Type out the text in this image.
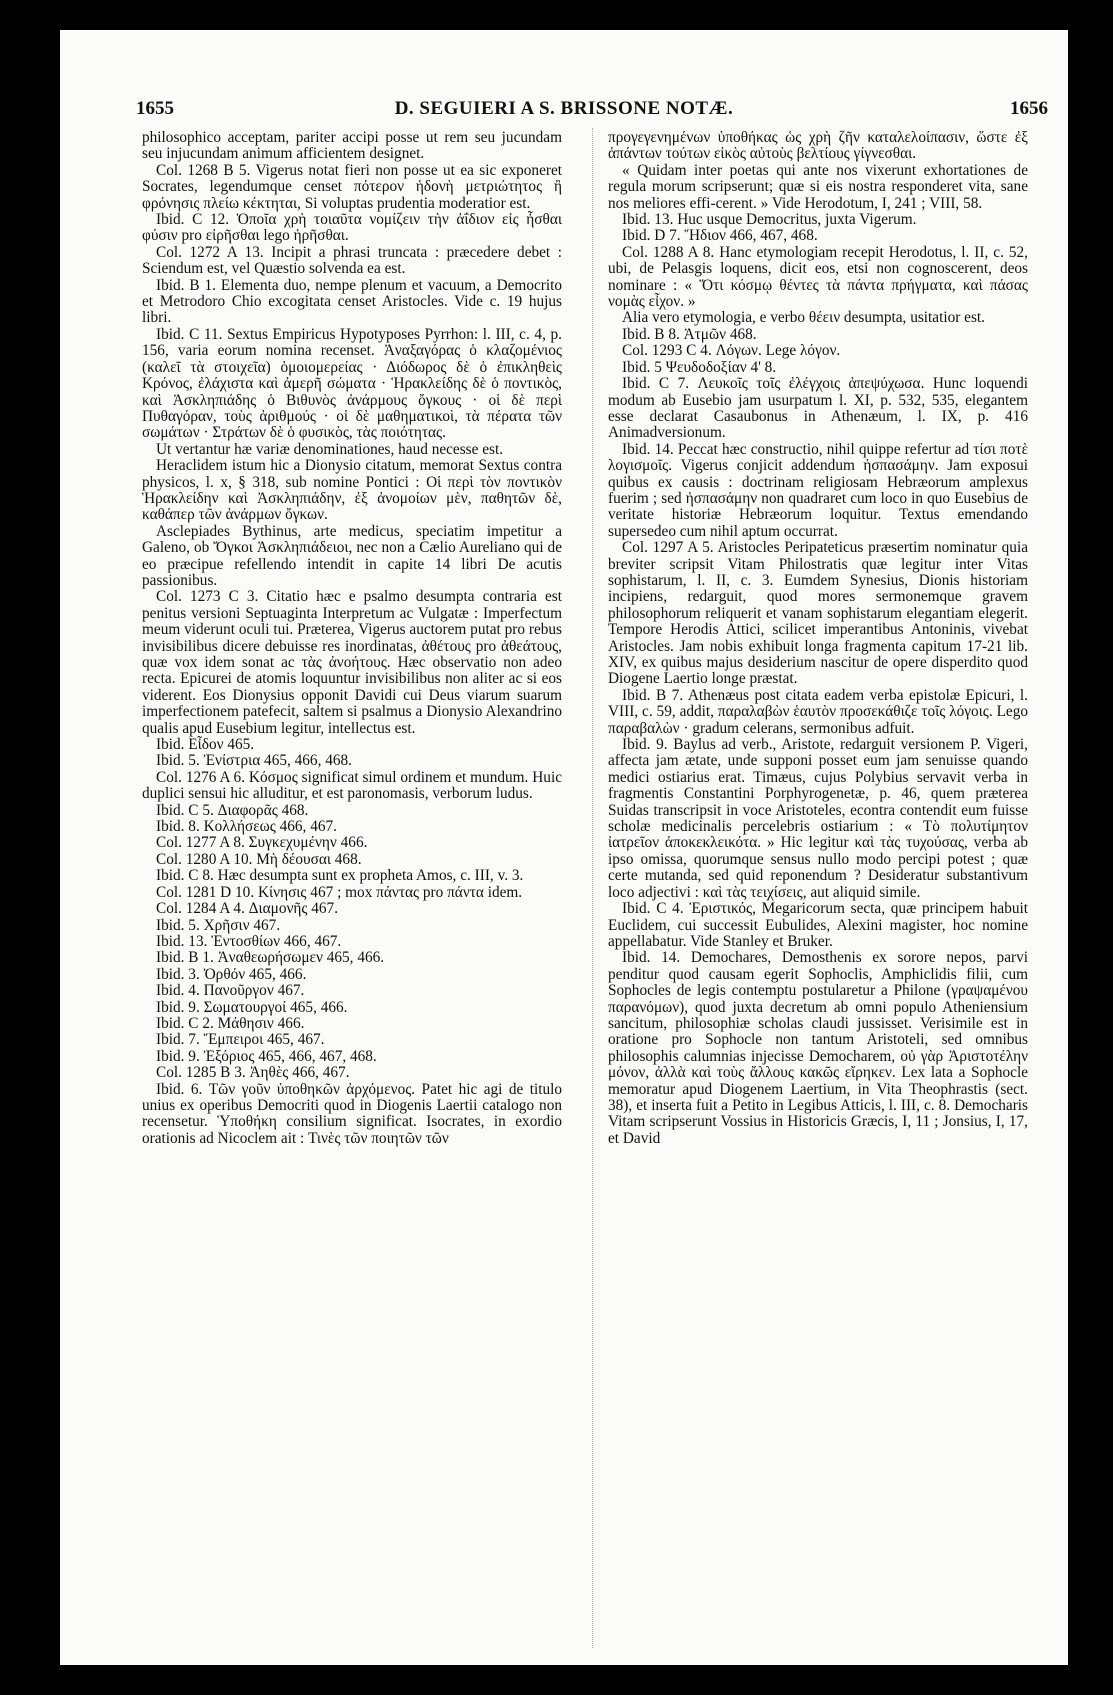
1655	D. SEGUIERI A S. BRISSONE NOTÆ.	1656

philosophico acceptam, pariter accipi posse ut rem seu jucundam seu injucundam animum afficientem designet.

Col. 1268 B 5. Vigerus notat fieri non posse ut ea sic exponeret Socrates, legendumque censet πότερον ἡδονὴ μετριώτητος ἢ φρόνησις πλείω κέκτηται, Si voluptas prudentia moderatior est.

Ibid. C 12. Ὁποῖα χρὴ τοιαῦτα νομίζειν τὴν ἀΐδιον εἰς ἦσθαι φύσιν pro εἰρῆσθαι lego ἡρῆσθαι.

Col. 1272 A 13. Incipit a phrasi truncata : præcedere debet : Sciendum est, vel Quæstio solvenda ea est.

Ibid. B 1. Elementa duo, nempe plenum et vacuum, a Democrito et Metrodoro Chio excogitata censet Aristocles. Vide c. 19 hujus libri.

Ibid. C 11. Sextus Empiricus Hypotyposes Pyrrhon: l. III, c. 4, p. 156, varia eorum nomina recenset. Ἀναξαγόρας ὁ κλαζομένιος (καλεῖ τὰ στοιχεῖα) ὁμοιομερείας · Διόδωρος δὲ ὁ ἐπικληθεὶς Κρόνος, ἐλάχιστα καὶ ἀμερῆ σώματα · Ἡρακλείδης δὲ ὁ ποντικὸς, καὶ Ἀσκληπιάδης ὁ Βιθυνὸς ἀνάρμους ὄγκους · οἱ δὲ περὶ Πυθαγόραν, τοὺς ἀριθμούς · οἱ δὲ μαθηματικοὶ, τὰ πέρατα τῶν σωμάτων · Στράτων δὲ ὁ φυσικὸς, τὰς ποιότητας.

Ut vertantur hæ variæ denominationes, haud necesse est.

Heraclidem istum hic a Dionysio citatum, memorat Sextus contra physicos, l. x, § 318, sub nomine Pontici : Οἱ περὶ τὸν ποντικὸν Ἡρακλείδην καὶ Ἀσκληπιάδην, ἐξ ἀνομοίων μὲν, παθητῶν δὲ, καθάπερ τῶν ἀνάρμων ὄγκων.

Asclepiades Bythinus, arte medicus, speciatim impetitur a Galeno, ob Ὄγκοι Ἀσκληπιάδειοι, nec non a Cælio Aureliano qui de eo præcipue refellendo intendit in capite 14 libri De acutis passionibus.

Col. 1273 C 3. Citatio hæc e psalmo desumpta contraria est penitus versioni Septuaginta Interpretum ac Vulgatæ : Imperfectum meum viderunt oculi tui. Præterea, Vigerus auctorem putat pro rebus invisibilibus dicere debuisse res inordinatas, ἀθέτους pro ἀθεάτους, quæ vox idem sonat ac τὰς ἀνοήτους. Hæc observatio non adeo recta. Epicurei de atomis loquuntur invisibilibus non aliter ac si eos viderent. Eos Dionysius opponit Davidi cui Deus viarum suarum imperfectionem patefecit, saltem si psalmus a Dionysio Alexandrino qualis apud Eusebium legitur, intellectus est.

Ibid. Εἶδον 465.

Ibid. 5. Ἐνίστρια 465, 466, 468.

Col. 1276 A 6. Κόσμος significat simul ordinem et mundum. Huic duplici sensui hic alluditur, et est paronomasis, verborum ludus.

Ibid. C 5. Διαφορᾶς 468.

Ibid. 8. Κολλήσεως 466, 467.

Col. 1277 A 8. Συγκεχυμένην 466.

Col. 1280 A 10. Μὴ δέουσαι 468.

Ibid. C 8. Hæc desumpta sunt ex propheta Amos, c. III, v. 3.

Col. 1281 D 10. Κίνησις 467 ; mox πάντας pro πάντα idem.

Col. 1284 A 4. Διαμονῆς 467.

Ibid. 5. Χρῆσιν 467.

Ibid. 13. Ἐντοσθίων 466, 467.

Ibid. B 1. Ἀναθεωρήσωμεν 465, 466.

Ibid. 3. Ὀρθόν 465, 466.

Ibid. 4. Πανοῦργον 467.

Ibid. 9. Σωματουργοί 465, 466.

Ibid. C 2. Μάθησιν 466.

Ibid. 7. Ἔμπειροι 465, 467.

Ibid. 9. Ἐξόριος 465, 466, 467, 468.

Col. 1285 B 3. Ἀηθὲς 466, 467.

Ibid. 6. Τῶν γοῦν ὑποθηκῶν ἀρχόμενος. Patet hic agi de titulo unius ex operibus Democriti quod in Diogenis Laertii catalogo non recensetur. Ὑποθήκη consilium significat. Isocrates, in exordio orationis ad Nicoclem ait : Τινὲς τῶν ποιητῶν τῶν

προγεγενημένων ὑποθήκας ὡς χρὴ ζῆν καταλελοίπασιν, ὥστε ἐξ ἁπάντων τούτων εἰκὸς αὐτοὺς βελτίους γίγνεσθαι.

« Quidam inter poetas qui ante nos vixerunt exhortationes de regula morum scripserunt; quæ si eis nostra responderet vita, sane nos meliores effi-cerent. » Vide Herodotum, I, 241 ; VIII, 58.

Ibid. 13. Huc usque Democritus, juxta Vigerum.

Ibid. D 7. Ἥδιον 466, 467, 468.

Col. 1288 A 8. Hanc etymologiam recepit Herodotus, l. II, c. 52, ubi, de Pelasgis loquens, dicit eos, etsi non cognoscerent, deos nominare : « Ὅτι κόσμῳ θέντες τὰ πάντα πρήγματα, καὶ πάσας νομὰς εἶχον. »

Alia vero etymologia, e verbo θέειν desumpta, usitatior est.

Ibid. B 8. Ἀτμῶν 468.

Col. 1293 C 4. Λόγων. Lege λόγον.

Ibid. 5 Ψευδοδοξίαν 4' 8.

Ibid. C 7. Λευκοῖς τοῖς ἐλέγχοις ἀπεψύχωσα. Hunc loquendi modum ab Eusebio jam usurpatum l. XI, p. 532, 535, elegantem esse declarat Casaubonus in Athenæum, l. IX, p. 416 Animadversionum.

Ibid. 14. Peccat hæc constructio, nihil quippe refertur ad τίσι ποτὲ λογισμοῖς. Vigerus conjicit addendum ἠσπασάμην. Jam exposui quibus ex causis : doctrinam religiosam Hebræorum amplexus fuerim ; sed ἠσπασάμην non quadraret cum loco in quo Eusebius de veritate historiæ Hebræorum loquitur. Textus emendando supersedeo cum nihil aptum occurrat.

Col. 1297 A 5. Aristocles Peripateticus præsertim nominatur quia breviter scripsit Vitam Philostratis quæ legitur inter Vitas sophistarum, l. II, c. 3. Eumdem Synesius, Dionis historiam incipiens, redarguit, quod mores sermonemque gravem philosophorum reliquerit et vanam sophistarum elegantiam elegerit. Tempore Herodis Attici, scilicet imperantibus Antoninis, vivebat Aristocles. Jam nobis exhibuit longa fragmenta capitum 17-21 lib. XIV, ex quibus majus desiderium nascitur de opere disperdito quod Diogene Laertio longe præstat.

Ibid. B 7. Athenæus post citata eadem verba epistolæ Epicuri, l. VIII, c. 59, addit, παραλαβὼν ἑαυτὸν προσεκάθιζε τοῖς λόγοις. Lego παραβαλὼν · gradum celerans, sermonibus adfuit.

Ibid. 9. Baylus ad verb., Aristote, redarguit versionem P. Vigeri, affecta jam ætate, unde supponi posset eum jam senuisse quando medici ostiarius erat. Timæus, cujus Polybius servavit verba in fragmentis Constantini Porphyrogenetæ, p. 46, quem præterea Suidas transcripsit in voce Aristoteles, econtra contendit eum fuisse scholæ medicinalis percelebris ostiarium : « Τὸ πολυτίμητον ἰατρεῖον ἀποκεκλεικότα. » Hic legitur καὶ τὰς τυχούσας, verba ab ipso omissa, quorumque sensus nullo modo percipi potest ; quæ certe mutanda, sed quid reponendum ? Desideratur substantivum loco adjectivi : καὶ τὰς τειχίσεις, aut aliquid simile.

Ibid. C 4. Ἐριστικός, Megaricorum secta, quæ principem habuit Euclidem, cui successit Eubulides, Alexini magister, hoc nomine appellabatur. Vide Stanley et Bruker.

Ibid. 14. Demochares, Demosthenis ex sorore nepos, parvi penditur quod causam egerit Sophoclis, Amphiclidis filii, cum Sophocles de legis contemptu postularetur a Philone (γραψαμένου παρανόμων), quod juxta decretum ab omni populo Atheniensium sancitum, philosophiæ scholas claudi jussisset. Verisimile est in oratione pro Sophocle non tantum Aristoteli, sed omnibus philosophis calumnias injecisse Democharem, οὐ γὰρ Ἀριστοτέλην μόνον, ἀλλὰ καὶ τοὺς ἄλλους κακῶς εἴρηκεν. Lex lata a Sophocle memoratur apud Diogenem Laertium, in Vita Theophrastis (sect. 38), et inserta fuit a Petito in Legibus Atticis, l. III, c. 8. Democharis Vitam scripserunt Vossius in Historicis Græcis, I, 11 ; Jonsius, I, 17, et David
